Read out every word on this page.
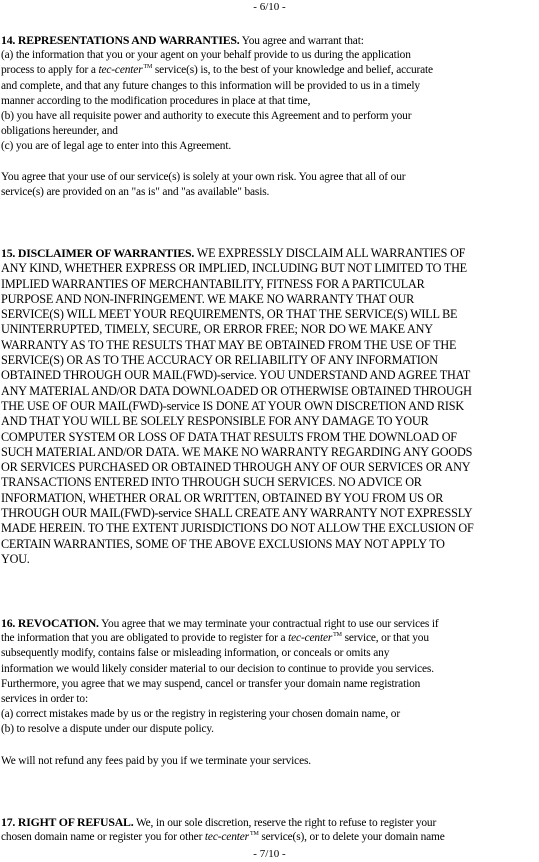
- 6/10 -
14. REPRESENTATIONS AND WARRANTIES. You agree and warrant that:
(a) the information that you or your agent on your behalf provide to us during the application
process to apply for a tec-center™ service(s) is, to the best of your knowledge and belief, accurate
and complete, and that any future changes to this information will be provided to us in a timely
manner according to the modification procedures in place at that time,
(b) you have all requisite power and authority to execute this Agreement and to perform your
obligations hereunder, and
(c) you are of legal age to enter into this Agreement.
You agree that your use of our service(s) is solely at your own risk. You agree that all of our
service(s) are provided on an "as is" and "as available" basis.
15. DISCLAIMER OF WARRANTIES. WE EXPRESSLY DISCLAIM ALL WARRANTIES OF
ANY KIND, WHETHER EXPRESS OR IMPLIED, INCLUDING BUT NOT LIMITED TO THE
IMPLIED WARRANTIES OF MERCHANTABILITY, FITNESS FOR A PARTICULAR
PURPOSE AND NON-INFRINGEMENT. WE MAKE NO WARRANTY THAT OUR
SERVICE(S) WILL MEET YOUR REQUIREMENTS, OR THAT THE SERVICE(S) WILL BE
UNINTERRUPTED, TIMELY, SECURE, OR ERROR FREE; NOR DO WE MAKE ANY
WARRANTY AS TO THE RESULTS THAT MAY BE OBTAINED FROM THE USE OF THE
SERVICE(S) OR AS TO THE ACCURACY OR RELIABILITY OF ANY INFORMATION
OBTAINED THROUGH OUR MAIL(FWD)-service. YOU UNDERSTAND AND AGREE THAT
ANY MATERIAL AND/OR DATA DOWNLOADED OR OTHERWISE OBTAINED THROUGH
THE USE OF OUR MAIL(FWD)-service IS DONE AT YOUR OWN DISCRETION AND RISK
AND THAT YOU WILL BE SOLELY RESPONSIBLE FOR ANY DAMAGE TO YOUR
COMPUTER SYSTEM OR LOSS OF DATA THAT RESULTS FROM THE DOWNLOAD OF
SUCH MATERIAL AND/OR DATA. WE MAKE NO WARRANTY REGARDING ANY GOODS
OR SERVICES PURCHASED OR OBTAINED THROUGH ANY OF OUR SERVICES OR ANY
TRANSACTIONS ENTERED INTO THROUGH SUCH SERVICES. NO ADVICE OR
INFORMATION, WHETHER ORAL OR WRITTEN, OBTAINED BY YOU FROM US OR
THROUGH OUR MAIL(FWD)-service SHALL CREATE ANY WARRANTY NOT EXPRESSLY
MADE HEREIN. TO THE EXTENT JURISDICTIONS DO NOT ALLOW THE EXCLUSION OF
CERTAIN WARRANTIES, SOME OF THE ABOVE EXCLUSIONS MAY NOT APPLY TO
YOU.
16. REVOCATION. You agree that we may terminate your contractual right to use our services if
the information that you are obligated to provide to register for a tec-center™ service, or that you
subsequently modify, contains false or misleading information, or conceals or omits any
information we would likely consider material to our decision to continue to provide you services.
Furthermore, you agree that we may suspend, cancel or transfer your domain name registration
services in order to:
(a) correct mistakes made by us or the registry in registering your chosen domain name, or
(b) to resolve a dispute under our dispute policy.
We will not refund any fees paid by you if we terminate your services.
17. RIGHT OF REFUSAL. We, in our sole discretion, reserve the right to refuse to register your
chosen domain name or register you for other tec-center™ service(s), or to delete your domain name
- 7/10 -
